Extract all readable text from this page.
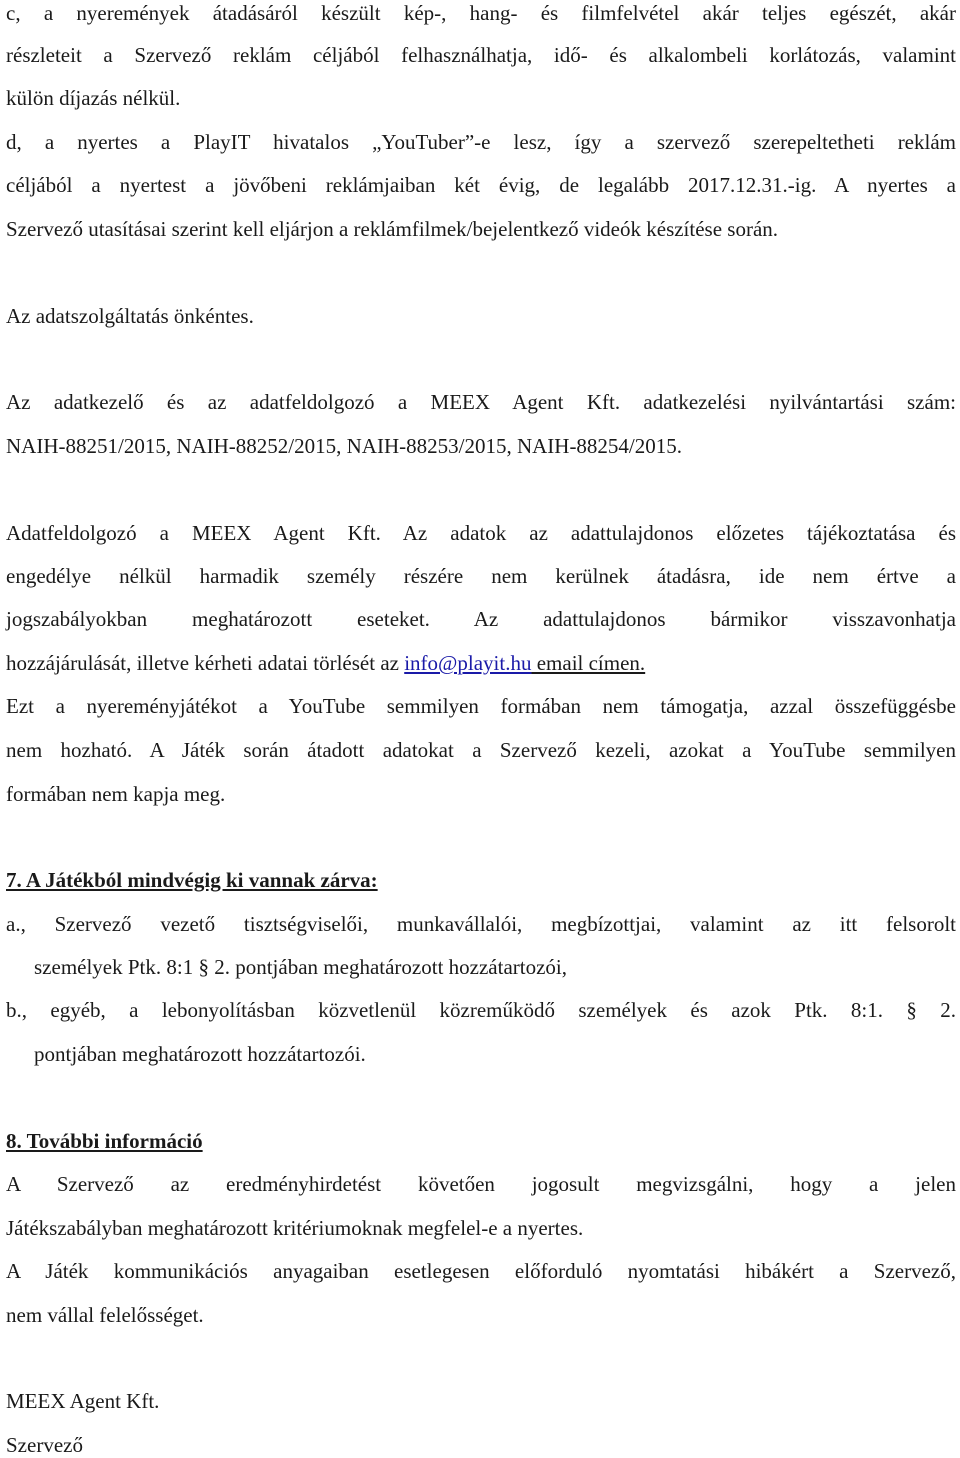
c, a nyeremények átadásáról készült kép-, hang- és filmfelvétel akár teljes egészét, akár
részleteit a Szervező reklám céljából felhasználhatja, idő- és alkalombeli korlátozás, valamint
külön díjazás nélkül.
d, a nyertes a PlayIT hivatalos „YouTuber”-e lesz, így a szervező szerepeltetheti reklám
céljából a nyertest a jövőbeni reklámjaiban két évig, de legalább 2017.12.31.-ig. A nyertes a
Szervező utasításai szerint kell eljárjon a reklámfilmek/bejelentkező videók készítése során.
Az adatszolgáltatás önkéntes.
Az adatkezelő és az adatfeldolgozó a MEEX Agent Kft. adatkezelési nyilvántartási szám:
NAIH-88251/2015, NAIH-88252/2015, NAIH-88253/2015, NAIH-88254/2015.
Adatfeldolgozó a MEEX Agent Kft. Az adatok az adattulajdonos előzetes tájékoztatása és
engedélye nélkül harmadik személy részére nem kerülnek átadásra, ide nem értve a
jogszabályokban meghatározott eseteket. Az adattulajdonos bármikor visszavonhatja
hozzájárulását, illetve kérheti adatai törlését az info@playit.hu email címen.
Ezt a nyereményjátékot a YouTube semmilyen formában nem támogatja, azzal összefüggésbe
nem hozható. A Játék során átadott adatokat a Szervező kezeli, azokat a YouTube semmilyen
formában nem kapja meg.
7. A Játékból mindvégig ki vannak zárva:
a., Szervező vezető tisztségviselői, munkavállalói, megbízottjai, valamint az itt felsorolt
személyek Ptk. 8:1 § 2. pontjában meghatározott hozzátartozói,
b., egyéb, a lebonyolításban közvetlenül közreműködő személyek és azok Ptk. 8:1. § 2.
pontjában meghatározott hozzátartozói.
8. További információ
A Szervező az eredményhirdetést követően jogosult megvizsgálni, hogy a jelen
Játékszabályban meghatározott kritériumoknak megfelel-e a nyertes.
A Játék kommunikációs anyagaiban esetlegesen előforduló nyomtatási hibákért a Szervező,
nem vállal felelősséget.
MEEX Agent Kft.
Szervező
